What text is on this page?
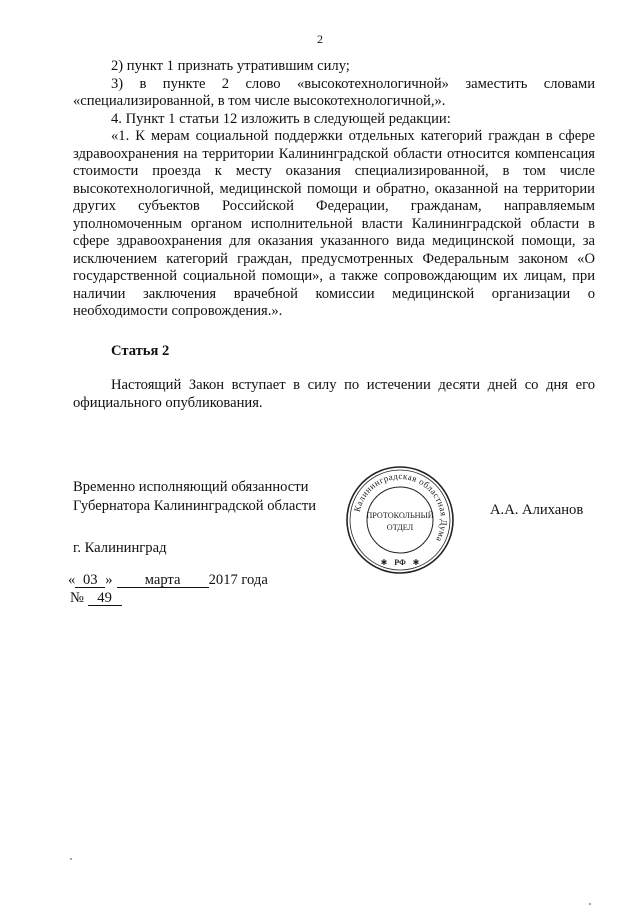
2

2) пункт 1 признать утратившим силу;

3) в пункте 2 слово «высокотехнологичной» заместить словами «специализированной, в том числе высокотехнологичной,».

4. Пункт 1 статьи 12 изложить в следующей редакции:

«1. К мерам социальной поддержки отдельных категорий граждан в сфере здравоохранения на территории Калининградской области относится компенсация стоимости проезда к месту оказания специализированной, в том числе высокотехнологичной, медицинской помощи и обратно, оказанной на территории других субъектов Российской Федерации, гражданам, направляемым уполномоченным органом исполнительной власти Калининградской области в сфере здравоохранения для оказания указанного вида медицинской помощи, за исключением категорий граждан, предусмотренных Федеральным законом «О государственной социальной помощи», а также сопровождающим их лицам, при наличии заключения врачебной комиссии медицинской организации о необходимости сопровождения.».

Статья 2

Настоящий Закон вступает в силу по истечении десяти дней со дня его официального опубликования.

Временно исполняющий обязанности
Губернатора Калининградской области	А.А. Алиханов
Калининградская областная Дума
ПРОТОКОЛЬНЫЙ
ОТДЕЛ
РФ
✱	✱
г. Калининград
« 03 » марта 2017 года
№ 49
